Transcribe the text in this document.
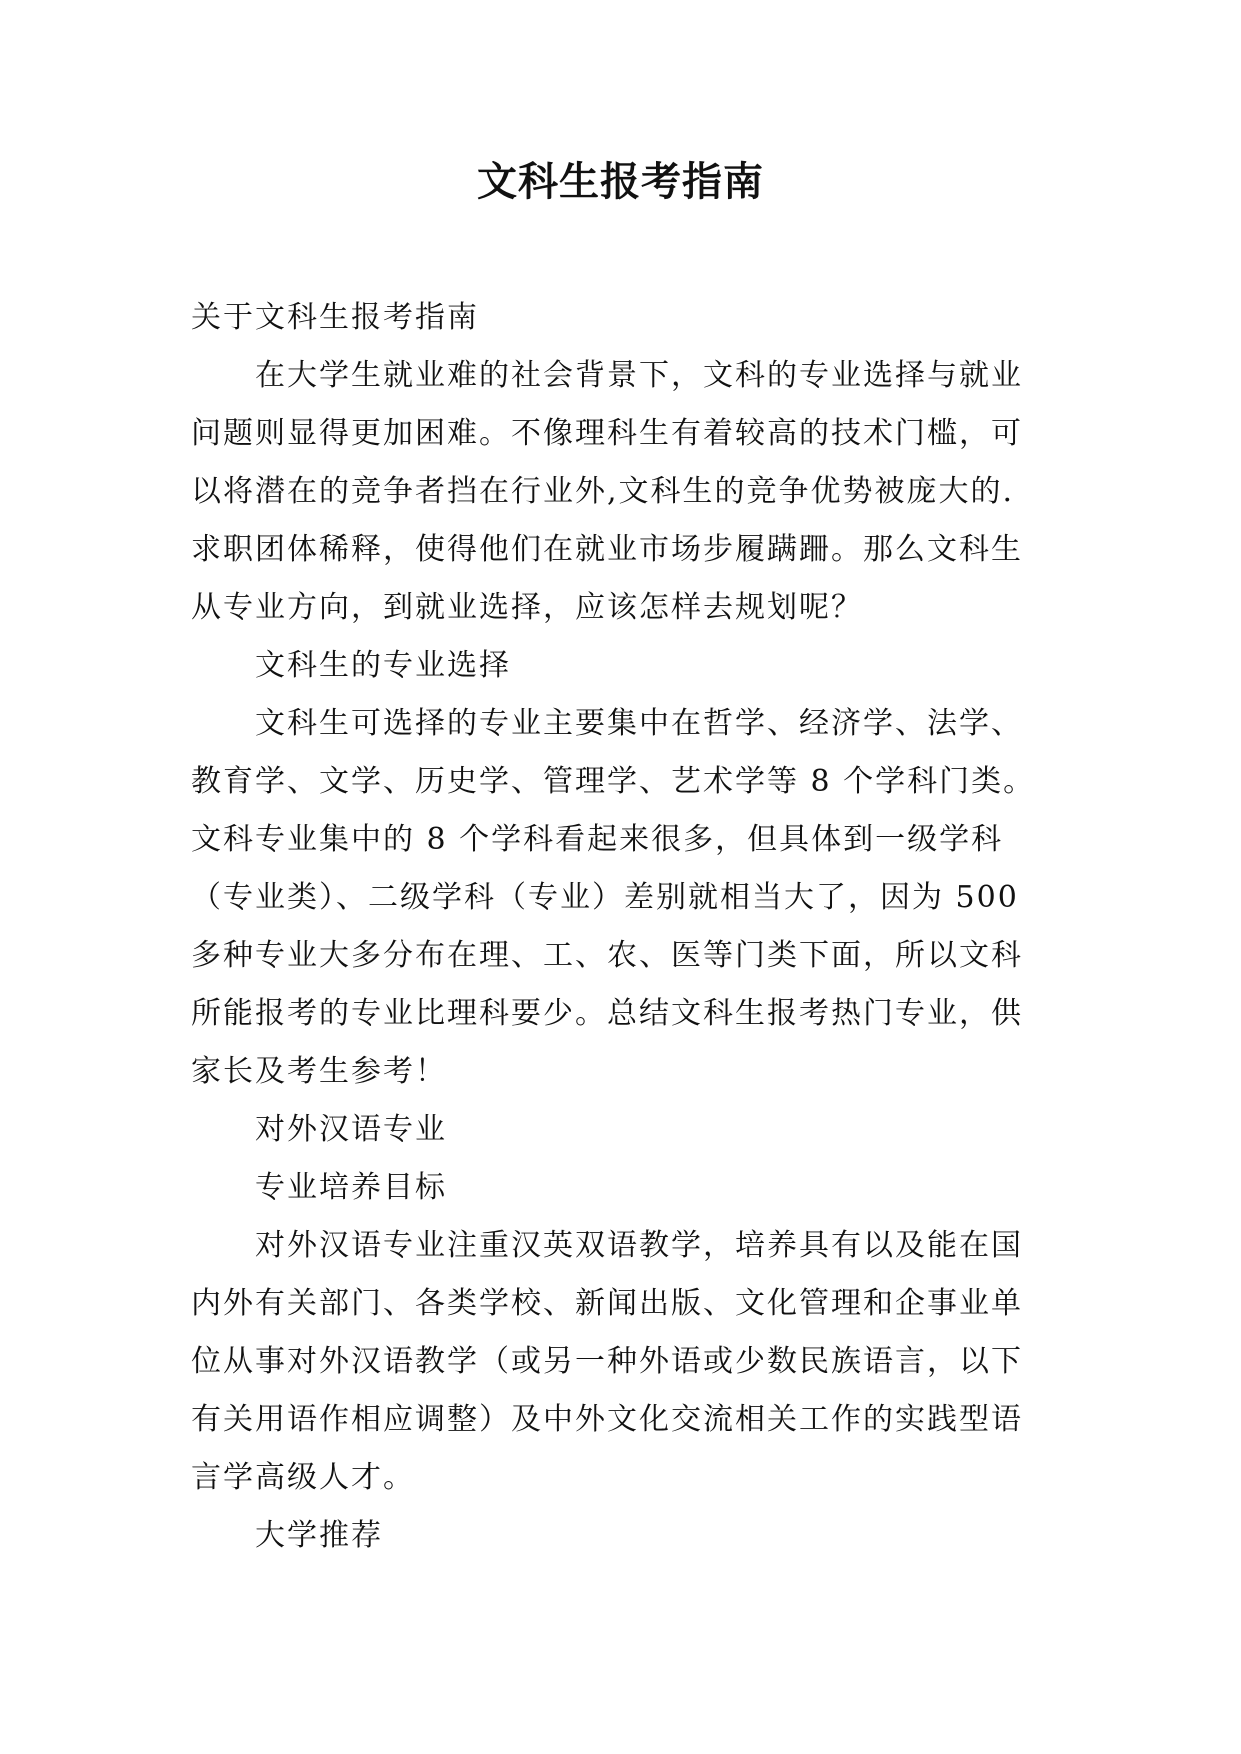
文科生报考指南

关于文科生报考指南

在大学生就业难的社会背景下，文科的专业选择与就业
问题则显得更加困难。不像理科生有着较高的技术门槛，可
以将潜在的竞争者挡在行业外,文科生的竞争优势被庞大的.
求职团体稀释，使得他们在就业市场步履蹒跚。那么文科生
从专业方向，到就业选择，应该怎样去规划呢？

文科生的专业选择

文科生可选择的专业主要集中在哲学、经济学、法学、
教育学、文学、历史学、管理学、艺术学等 8 个学科门类。
文科专业集中的 8 个学科看起来很多，但具体到一级学科
（专业类）、二级学科（专业）差别就相当大了，因为 500
多种专业大多分布在理、工、农、医等门类下面，所以文科
所能报考的专业比理科要少。总结文科生报考热门专业，供
家长及考生参考！

对外汉语专业

专业培养目标

对外汉语专业注重汉英双语教学，培养具有以及能在国
内外有关部门、各类学校、新闻出版、文化管理和企事业单
位从事对外汉语教学（或另一种外语或少数民族语言，以下
有关用语作相应调整）及中外文化交流相关工作的实践型语
言学高级人才。

大学推荐
